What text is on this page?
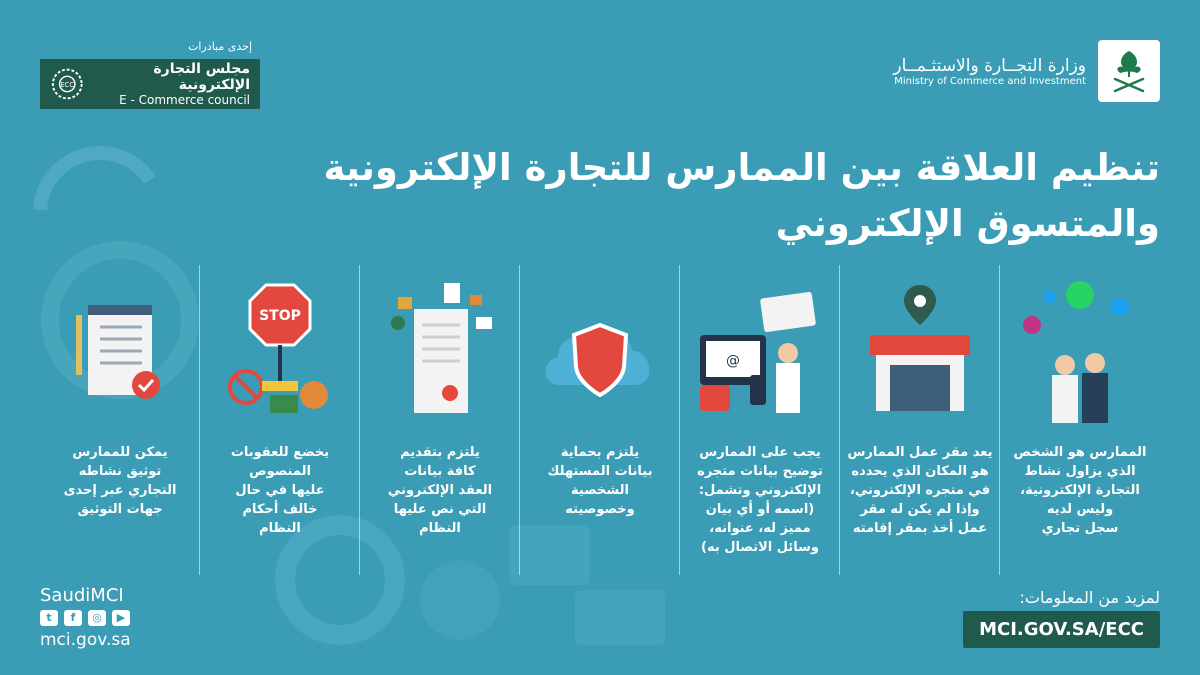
إحدى مبادرات
ECC
مجلس التجارة الإلكترونية
E - Commerce council
وزارة التجــارة والاستثـمــار
Ministry of Commerce and Investment
تنظيم العلاقة بين الممارس للتجارة الإلكترونية
والمتسوق الإلكتروني
الممارس هو الشخص
الذي يزاول نشاط
التجارة الإلكترونية،
وليس لديه
سجل تجاري
يعد مقر عمل الممارس
هو المكان الذي يحدده
في متجره الإلكتروني،
وإذا لم يكن له مقر
عمل أخذ بمقر إقامته
@
يجب على الممارس
توضيح بيانات متجره
الإلكتروني وتشمل:
(اسمه أو أي بيان
مميز له، عنوانه،
وسائل الاتصال به)
يلتزم بحماية
بيانات المستهلك
الشخصية
وخصوصيته
يلتزم بتقديم
كافة بيانات
العقد الإلكتروني
التي نص عليها
النظام
STOP
يخضع للعقوبات
المنصوص
عليها في حال
خالف أحكام
النظام
يمكن للممارس
توثيق نشاطه
التجاري عبر إحدى
جهات التوثيق
SaudiMCI
t	f	◎	▶
mci.gov.sa
لمزيد من المعلومات:
MCI.GOV.SA/ECC
